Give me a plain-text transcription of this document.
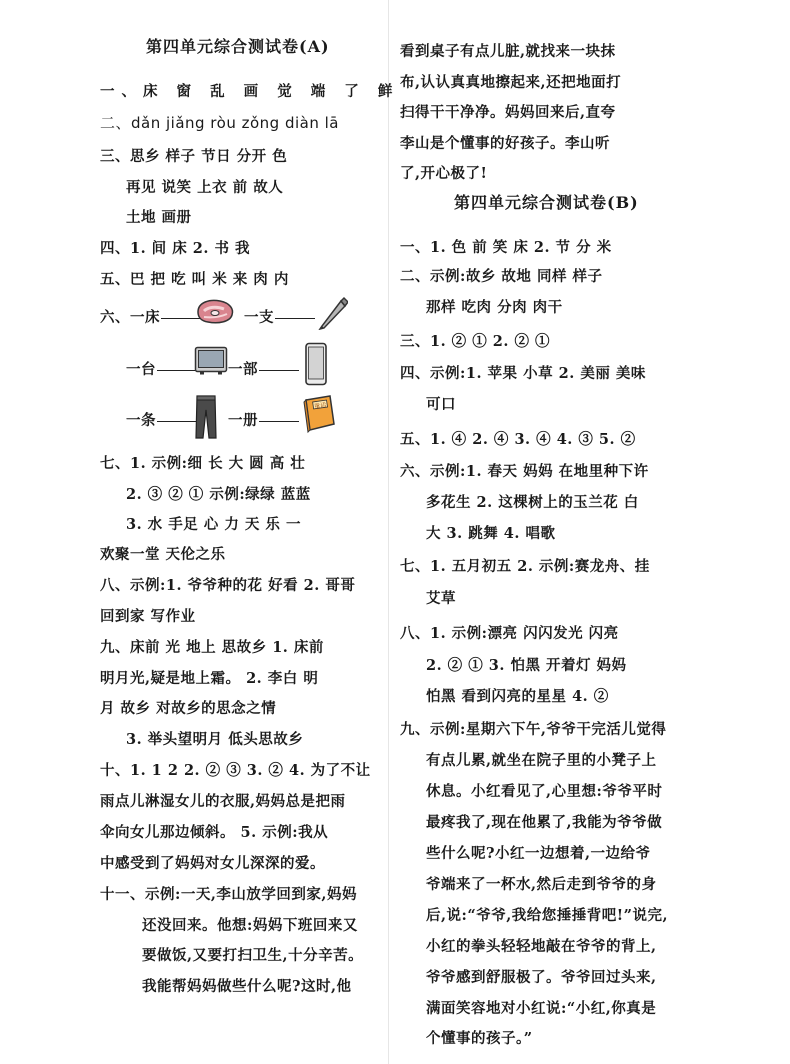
第四单元综合测试卷(A)
一、床 窗 乱 画 觉 端 了 鲜
二、dǎn jiǎng ròu zǒng diàn lā
三、思乡 样子 节日 分开 色
再见 说笑 上衣 前 故人
土地 画册
四、1. 间 床 2. 书 我
五、巴 把 吃 叫 米 来 肉 内
六、一床	一支
一台	一部
一条	一册
童话
七、1. 示例:细 长 大 圆 高 壮
2. ③ ② ① 示例:绿绿 蓝蓝
3. 水 手足 心 力 天 乐 一
欢聚一堂 天伦之乐
八、示例:1. 爷爷种的花 好看 2. 哥哥
回到家 写作业
九、床前 光 地上 思故乡 1. 床前
明月光,疑是地上霜。 2. 李白 明
月 故乡 对故乡的思念之情
3. 举头望明月 低头思故乡
十、1. 1 2 2. ② ③ 3. ② 4. 为了不让
雨点儿淋湿女儿的衣服,妈妈总是把雨
伞向女儿那边倾斜。 5. 示例:我从
中感受到了妈妈对女儿深深的爱。
十一、示例:一天,李山放学回到家,妈妈
还没回来。他想:妈妈下班回来又
要做饭,又要打扫卫生,十分辛苦。
我能帮妈妈做些什么呢?这时,他
看到桌子有点儿脏,就找来一块抹
布,认认真真地擦起来,还把地面打
扫得干干净净。妈妈回来后,直夸
李山是个懂事的好孩子。李山听
了,开心极了!
第四单元综合测试卷(B)
一、1. 色 前 笑 床 2. 节 分 米
二、示例:故乡 故地 同样 样子
那样 吃肉 分肉 肉干
三、1. ② ① 2. ② ①
四、示例:1. 苹果 小草 2. 美丽 美味
可口
五、1. ④ 2. ④ 3. ④ 4. ③ 5. ②
六、示例:1. 春天 妈妈 在地里种下许
多花生 2. 这棵树上的玉兰花 白
大 3. 跳舞 4. 唱歌
七、1. 五月初五 2. 示例:赛龙舟、挂
艾草
八、1. 示例:漂亮 闪闪发光 闪亮
2. ② ① 3. 怕黑 开着灯 妈妈
怕黑 看到闪亮的星星 4. ②
九、示例:星期六下午,爷爷干完活儿觉得
有点儿累,就坐在院子里的小凳子上
休息。小红看见了,心里想:爷爷平时
最疼我了,现在他累了,我能为爷爷做
些什么呢?小红一边想着,一边给爷
爷端来了一杯水,然后走到爷爷的身
后,说:“爷爷,我给您捶捶背吧!”说完,
小红的拳头轻轻地敲在爷爷的背上,
爷爷感到舒服极了。爷爷回过头来,
满面笑容地对小红说:“小红,你真是
个懂事的孩子。”
